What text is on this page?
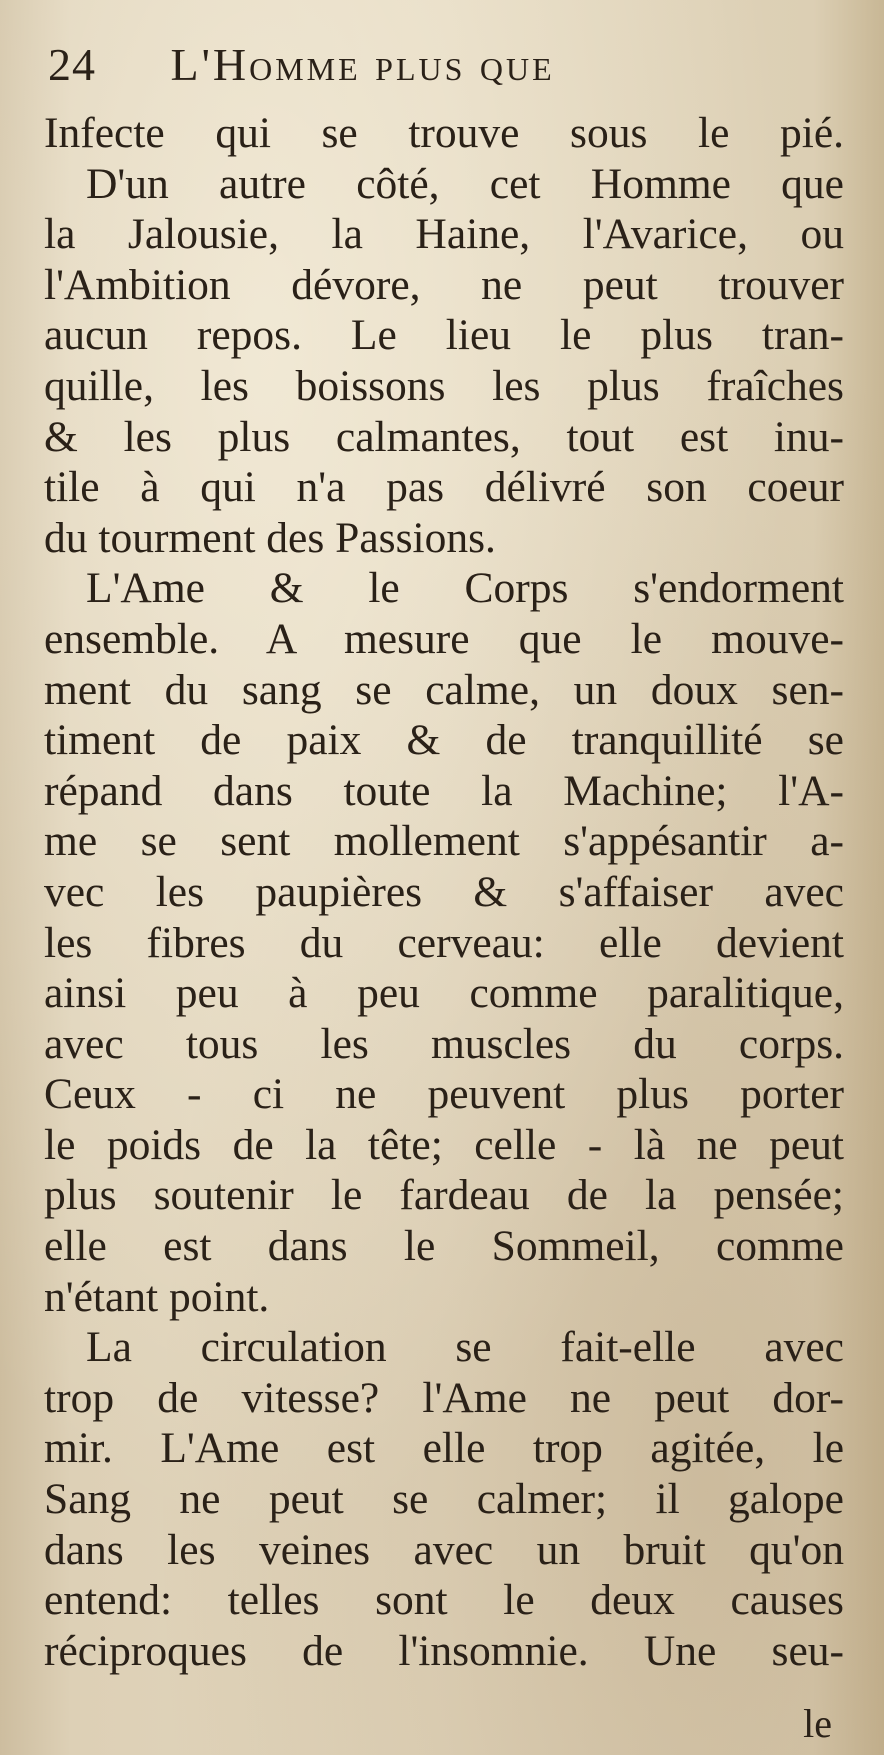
24 L'Homme plus que
Infecte qui se trouve sous le pié.
D'un autre côté, cet Homme que
la Jalousie, la Haine, l'Avarice, ou
l'Ambition dévore, ne peut trouver
aucun repos. Le lieu le plus tran-
quille, les boissons les plus fraîches
& les plus calmantes, tout est inu-
tile à qui n'a pas délivré son coeur
du tourment des Passions.
L'Ame & le Corps s'endorment
ensemble. A mesure que le mouve-
ment du sang se calme, un doux sen-
timent de paix & de tranquillité se
répand dans toute la Machine; l'A-
me se sent mollement s'appésantir a-
vec les paupières & s'affaiser avec
les fibres du cerveau: elle devient
ainsi peu à peu comme paralitique,
avec tous les muscles du corps.
Ceux - ci ne peuvent plus porter
le poids de la tête; celle - là ne peut
plus soutenir le fardeau de la pensée;
elle est dans le Sommeil, comme
n'étant point.
La circulation se fait-elle avec
trop de vitesse? l'Ame ne peut dor-
mir. L'Ame est elle trop agitée, le
Sang ne peut se calmer; il galope
dans les veines avec un bruit qu'on
entend: telles sont le deux causes
réciproques de l'insomnie. Une seu-
le
